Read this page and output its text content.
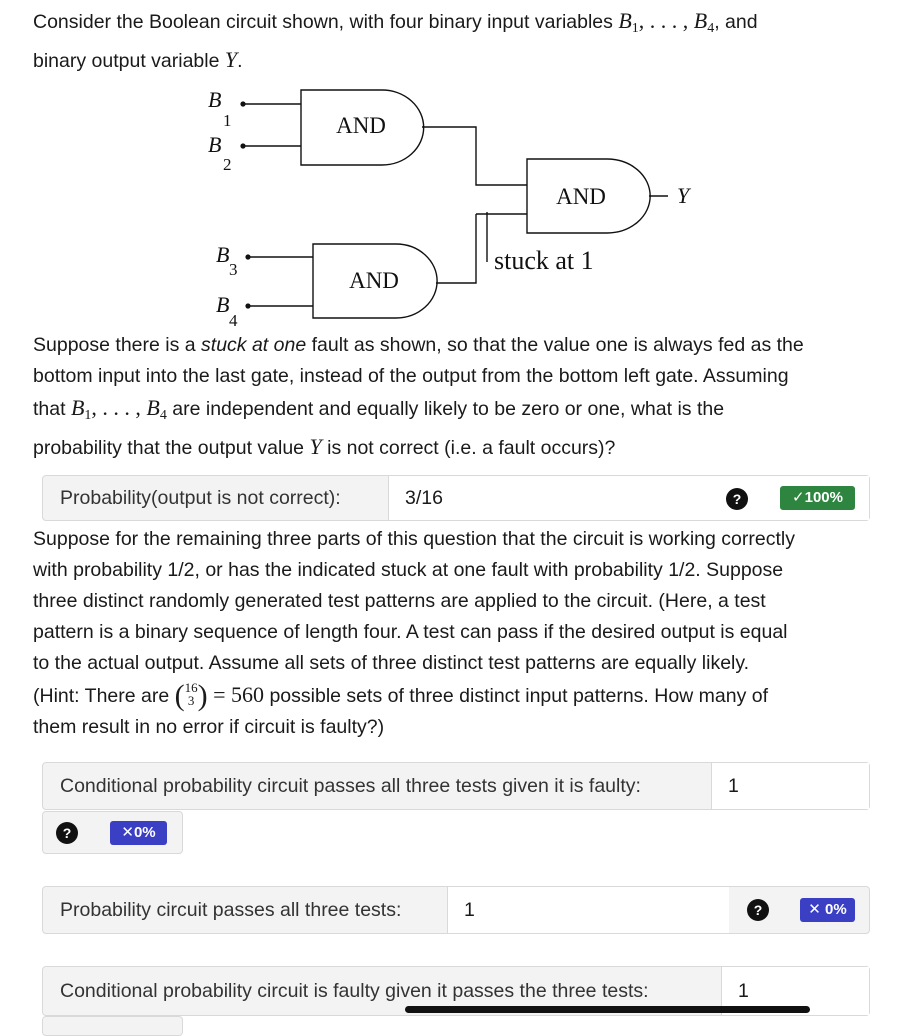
Consider the Boolean circuit shown, with four binary input variables $B_1$, . . . , $B_4$, and
binary output variable Y.
AND
AND
AND
B
1
B
2
B
3
B
4
Y
stuck at 1
Suppose there is a stuck at one fault as shown, so that the value one is always fed as the
bottom input into the last gate, instead of the output from the bottom left gate. Assuming
that $B_1$, . . . , $B_4$ are independent and equally likely to be zero or one, what is the
probability that the output value Y is not correct (i.e. a fault occurs)?
Probability(output is not correct):	3/16	?	✓100%
Suppose for the remaining three parts of this question that the circuit is working correctly
with probability 1/2, or has the indicated stuck at one fault with probability 1/2. Suppose
three distinct randomly generated test patterns are applied to the circuit. (Here, a test
pattern is a binary sequence of length four. A test can pass if the desired output is equal
to the actual output. Assume all sets of three distinct test patterns are equally likely.
(Hint: There are (16
3 ) = 560 possible sets of three distinct input patterns. How many of
them result in no error if circuit is faulty?)
Conditional probability circuit passes all three tests given it is faulty:	1
?	✕0%
Probability circuit passes all three tests:	1	?	✕ 0%
Conditional probability circuit is faulty given it passes the three tests:	1
